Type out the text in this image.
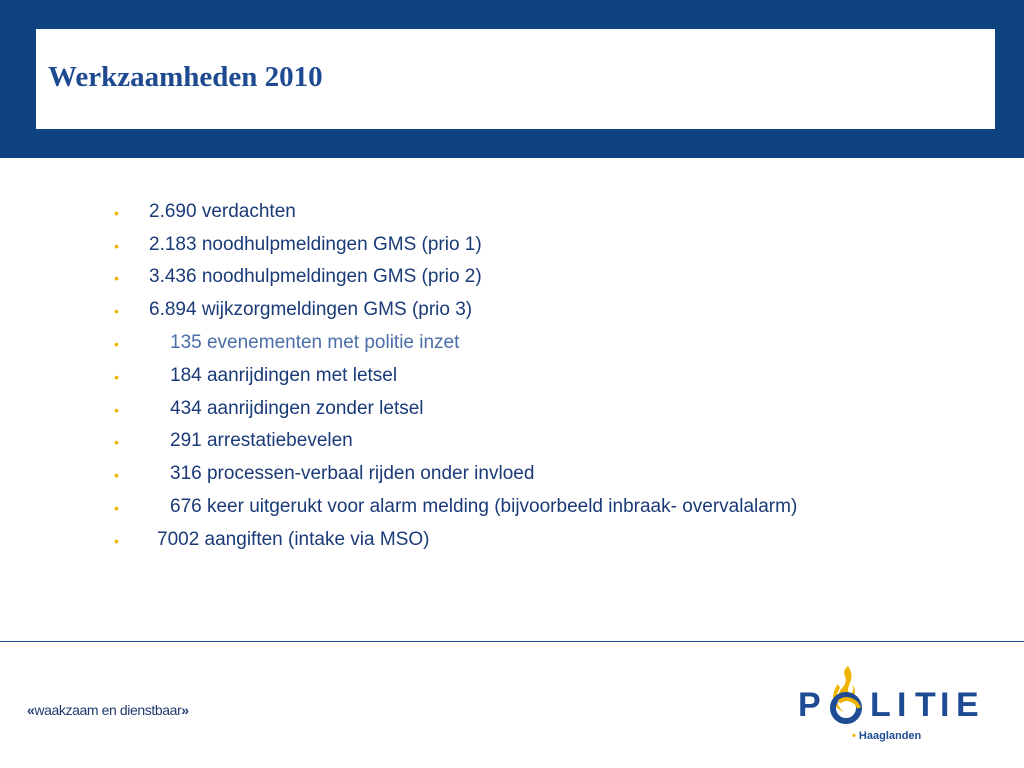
Werkzaamheden 2010
• 2.690 verdachten
• 2.183 noodhulpmeldingen GMS (prio 1)
• 3.436 noodhulpmeldingen GMS (prio 2)
• 6.894 wijkzorgmeldingen GMS (prio 3)
•	135 evenementen met politie inzet
•	184 aanrijdingen met letsel
•	434 aanrijdingen zonder letsel
•	291 arrestatiebevelen
•	316 processen-verbaal rijden onder invloed
•	676 keer uitgerukt voor alarm melding (bijvoorbeeld inbraak- overvalalarm)
• 7002 aangiften (intake via MSO)
«waakzaam en dienstbaar»	P L I T I E
• Haaglanden
